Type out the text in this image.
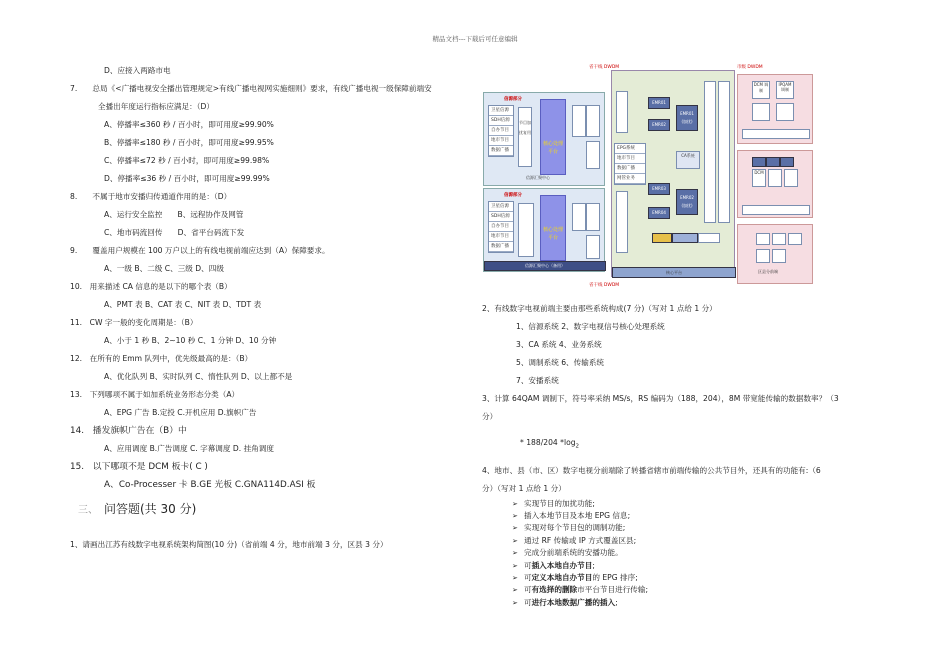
精品文档---下载后可任意编辑
D、应接入两路市电
7.　　总局《<广播电视安全播出管理规定>有线广播电视网实施细则》要求，有线广播电视一级保障前端安
全播出年度运行指标应满足：（D）
A、停播率≤360 秒 / 百小时，即可用度≥99.90%
B、停播率≤180 秒 / 百小时，即可用度≥99.95%
C、停播率≤72 秒 / 百小时，即可用度≥99.98%
D、停播率≤36 秒 / 百小时，即可用度≥99.99%
8.　　不属于地市安播归传通道作用的是：（D）
A、运行安全监控　　B、远程协作及网管
C、地市码流回传　　D、省平台码流下发
9.　　覆盖用户规模在 100 万户以上的有线电视前端应达到（A）保障要求。
A、一级 B、二级 C、三级 D、四级
10.　用来描述 CA 信息的是以下的哪个表（B）
A、PMT 表 B、CAT 表 C、NIT 表 D、TDT 表
11.　CW 字一般的变化周期是：（B）
A、小于 1 秒 B、2~10 秒 C、1 分钟 D、10 分钟
12.　在所有的 Emm 队列中，优先级最高的是：（B）
A、优化队列 B、实时队列 C、惰性队列 D、以上都不是
13.　下列哪项不属于如加系统业务形态分类（A）
A、EPG 广告 B.定投 C.开机应用 D.旗帜广告
14.　播发旗帜广告在（B）中
A、应用调度 B.广告调度 C. 字幕调度 D. 挂角调度
15.　以下哪项不是 DCM 板卡( C )
A、Co-Processer 卡 B.GE 光板 C.GNA114D.ASI 板
三、 问答题(共 30 分)
1、请画出江苏有线数字电视系统架构简图(10 分)（省前端 4 分，地市前端 3 分，区县 3 分）
省干线 DWDM	市级 DWDM
信源部分
卫星信源
SDH信源
自办节目
地市节目
数据广播
节目加扰复用
核心处理平台
信源汇聚中心
信源部分
卫星信源
SDH信源
自办节目
地市节目
数据广播
核心处理平台
信源汇聚中心（备用）
EPG系统
地市节目
数据广播
网管业务
EMR01
EMR02
EMR03
EMR04
EMR01 (加扰)
CA系统
EMR02 (加扰)
核心平台
DCM 调制
IPQAM 调制
DCM
区县分前端
省干线 DWDM
2、有线数字电视前端主要由那些系统构成(7 分)（写对 1 点给 1 分）
1、信源系统 2、数字电视信号核心处理系统
3、CA 系统 4、业务系统
5、调制系统 6、传输系统
7、安播系统
3、计算 64QAM 调制下，符号率采纳 MS/s，RS 编码为（188，204），8M 带宽能传输的数据数率？（3
分）
* 188/204 $*\log_2$
4、地市、县（市、区）数字电视分前端除了转播省辖市前端传输的公共节目外，还具有的功能有:（6
分）（写对 1 点给 1 分）
➢ 实现节目的加扰功能;
➢ 插入本地节目及本地 EPG 信息;
➢ 实现对每个节目包的调制功能;
➢ 通过 RF 传输或 IP 方式覆盖区县;
➢ 完成分前端系统的安播功能。
➢ 可插入本地自办节目;
➢ 可定义本地自办节目的 EPG 排序;
➢ 可有选择的删除市平台节目进行传输;
➢ 可进行本地数据广播的插入;
